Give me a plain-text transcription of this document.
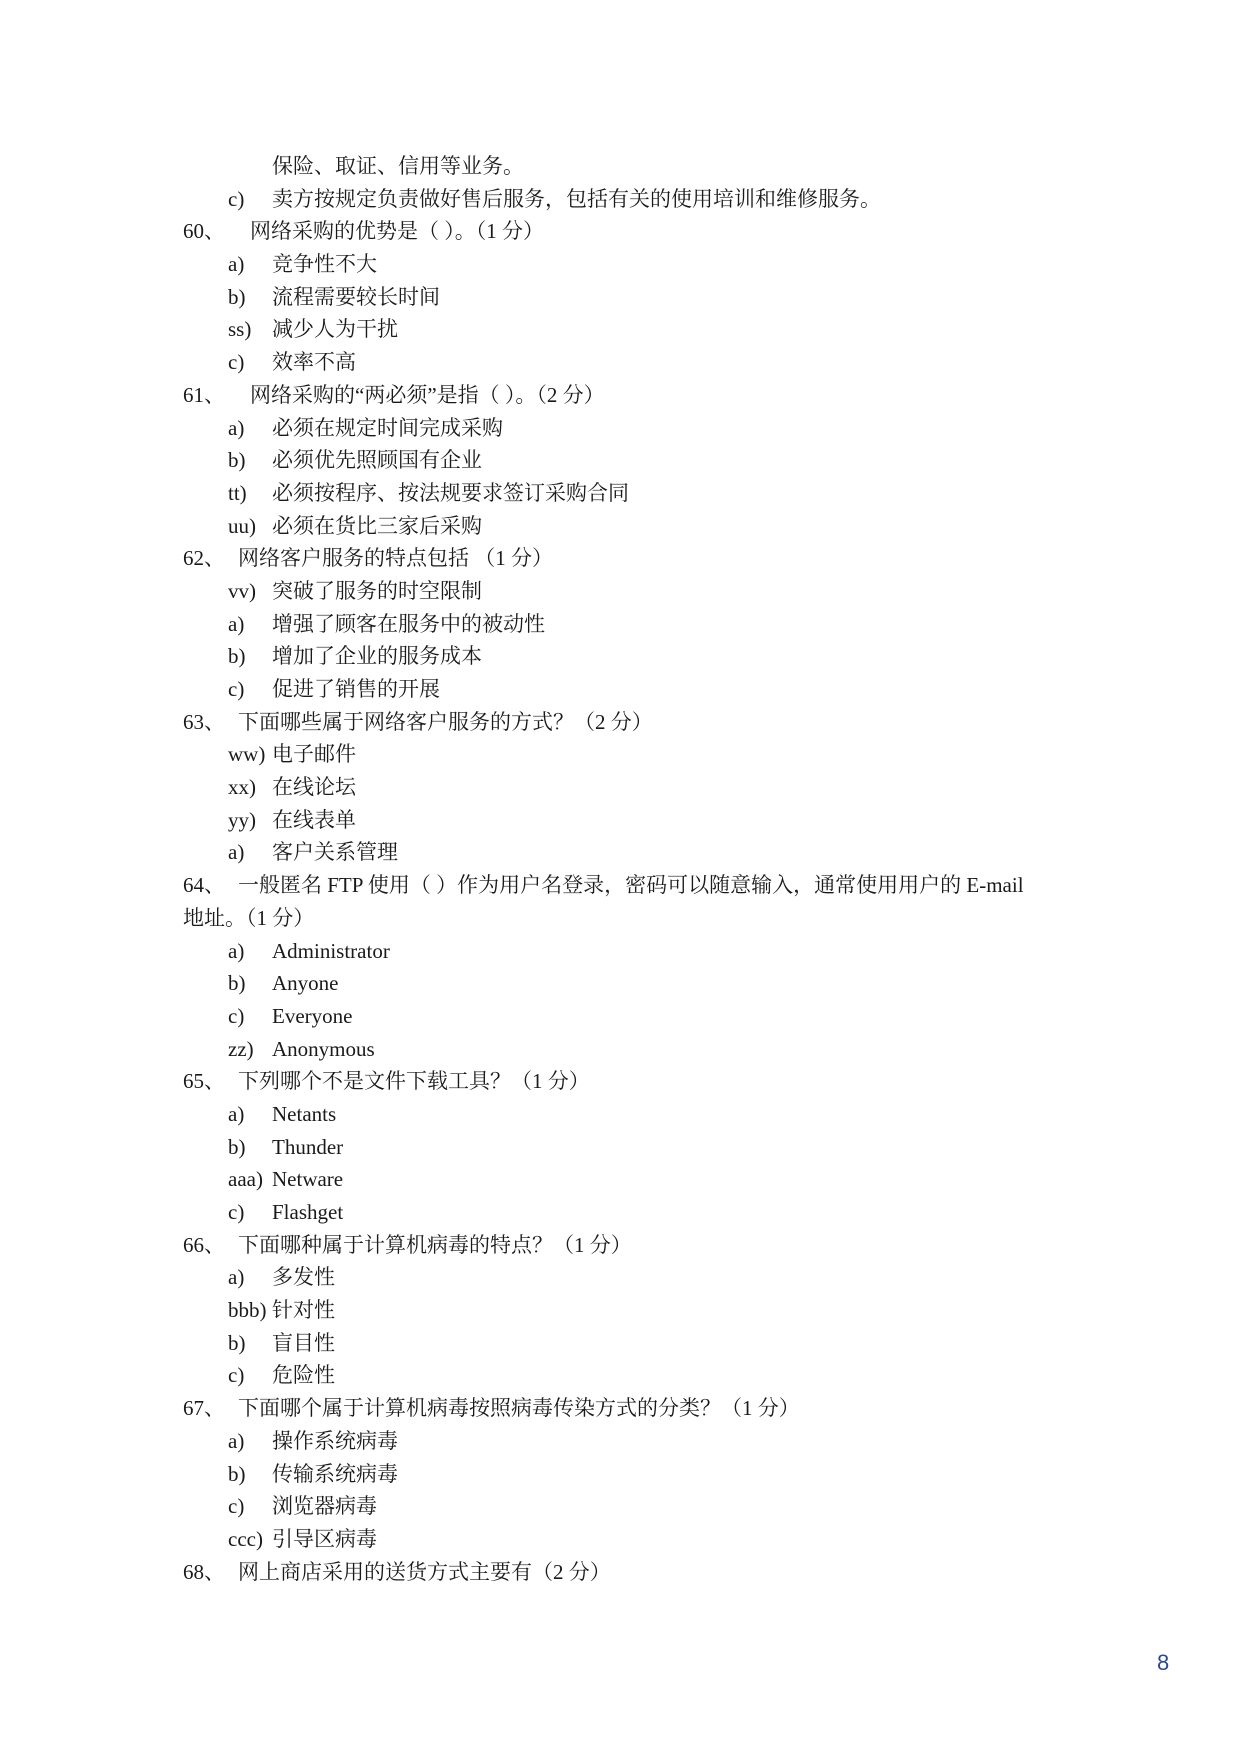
保险、取证、信用等业务。
c) 卖方按规定负责做好售后服务，包括有关的使用培训和维修服务。
60、 网络采购的优势是（ ）。（1 分）
a) 竞争性不大
b) 流程需要较长时间
ss) 减少人为干扰
c) 效率不高
61、 网络采购的“两必须”是指（ ）。（2 分）
a) 必须在规定时间完成采购
b) 必须优先照顾国有企业
tt) 必须按程序、按法规要求签订采购合同
uu) 必须在货比三家后采购
62、 网络客户服务的特点包括 （1 分）
vv) 突破了服务的时空限制
a) 增强了顾客在服务中的被动性
b) 增加了企业的服务成本
c) 促进了销售的开展
63、 下面哪些属于网络客户服务的方式？（2 分）
ww) 电子邮件
xx) 在线论坛
yy) 在线表单
a) 客户关系管理
64、 一般匿名 FTP 使用（ ）作为用户名登录，密码可以随意输入，通常使用用户的 E-mail
地址。（1 分）
a) Administrator
b) Anyone
c) Everyone
zz) Anonymous
65、 下列哪个不是文件下载工具？（1 分）
a) Netants
b) Thunder
aaa) Netware
c) Flashget
66、 下面哪种属于计算机病毒的特点？（1 分）
a) 多发性
bbb) 针对性
b) 盲目性
c) 危险性
67、 下面哪个属于计算机病毒按照病毒传染方式的分类？（1 分）
a) 操作系统病毒
b) 传输系统病毒
c) 浏览器病毒
ccc) 引导区病毒
68、 网上商店采用的送货方式主要有（2 分）
8
